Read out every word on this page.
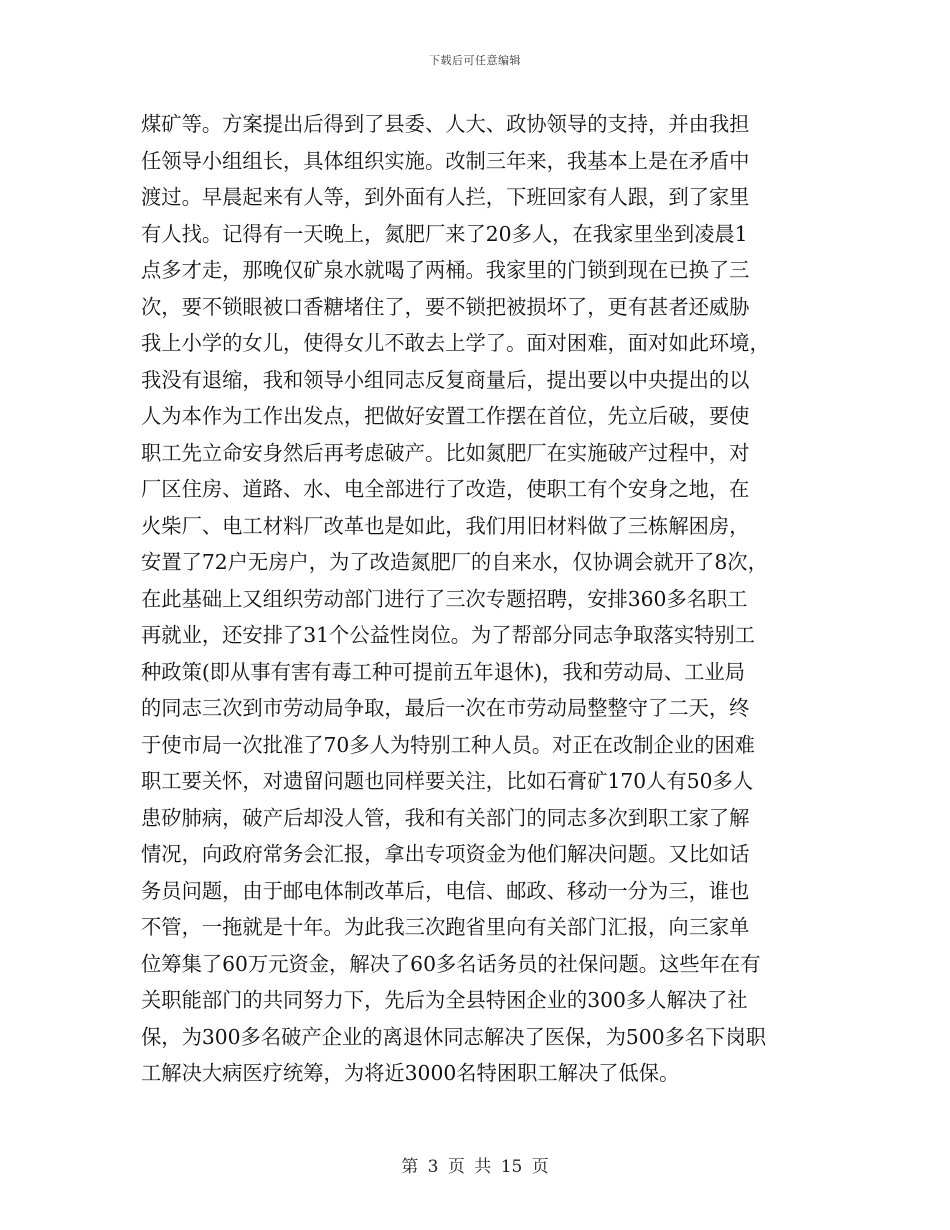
下载后可任意编辑
煤矿等。方案提出后得到了县委、人大、政协领导的支持，并由我担
任领导小组组长，具体组织实施。改制三年来，我基本上是在矛盾中
渡过。早晨起来有人等，到外面有人拦，下班回家有人跟，到了家里
有人找。记得有一天晚上，氮肥厂来了20多人，在我家里坐到凌晨1
点多才走，那晚仅矿泉水就喝了两桶。我家里的门锁到现在已换了三
次，要不锁眼被口香糖堵住了，要不锁把被损坏了，更有甚者还威胁
我上小学的女儿，使得女儿不敢去上学了。面对困难，面对如此环境，
我没有退缩，我和领导小组同志反复商量后，提出要以中央提出的以
人为本作为工作出发点，把做好安置工作摆在首位，先立后破，要使
职工先立命安身然后再考虑破产。比如氮肥厂在实施破产过程中，对
厂区住房、道路、水、电全部进行了改造，使职工有个安身之地，在
火柴厂、电工材料厂改革也是如此，我们用旧材料做了三栋解困房，
安置了72户无房户，为了改造氮肥厂的自来水，仅协调会就开了8次，
在此基础上又组织劳动部门进行了三次专题招聘，安排360多名职工
再就业，还安排了31个公益性岗位。为了帮部分同志争取落实特别工
种政策(即从事有害有毒工种可提前五年退休)，我和劳动局、工业局
的同志三次到市劳动局争取，最后一次在市劳动局整整守了二天，终
于使市局一次批准了70多人为特别工种人员。对正在改制企业的困难
职工要关怀，对遗留问题也同样要关注，比如石膏矿170人有50多人
患矽肺病，破产后却没人管，我和有关部门的同志多次到职工家了解
情况，向政府常务会汇报，拿出专项资金为他们解决问题。又比如话
务员问题，由于邮电体制改革后，电信、邮政、移动一分为三，谁也
不管，一拖就是十年。为此我三次跑省里向有关部门汇报，向三家单
位筹集了60万元资金，解决了60多名话务员的社保问题。这些年在有
关职能部门的共同努力下，先后为全县特困企业的300多人解决了社
保，为300多名破产企业的离退休同志解决了医保，为500多名下岗职
工解决大病医疗统筹，为将近3000名特困职工解决了低保。
第 3 页 共 15 页
